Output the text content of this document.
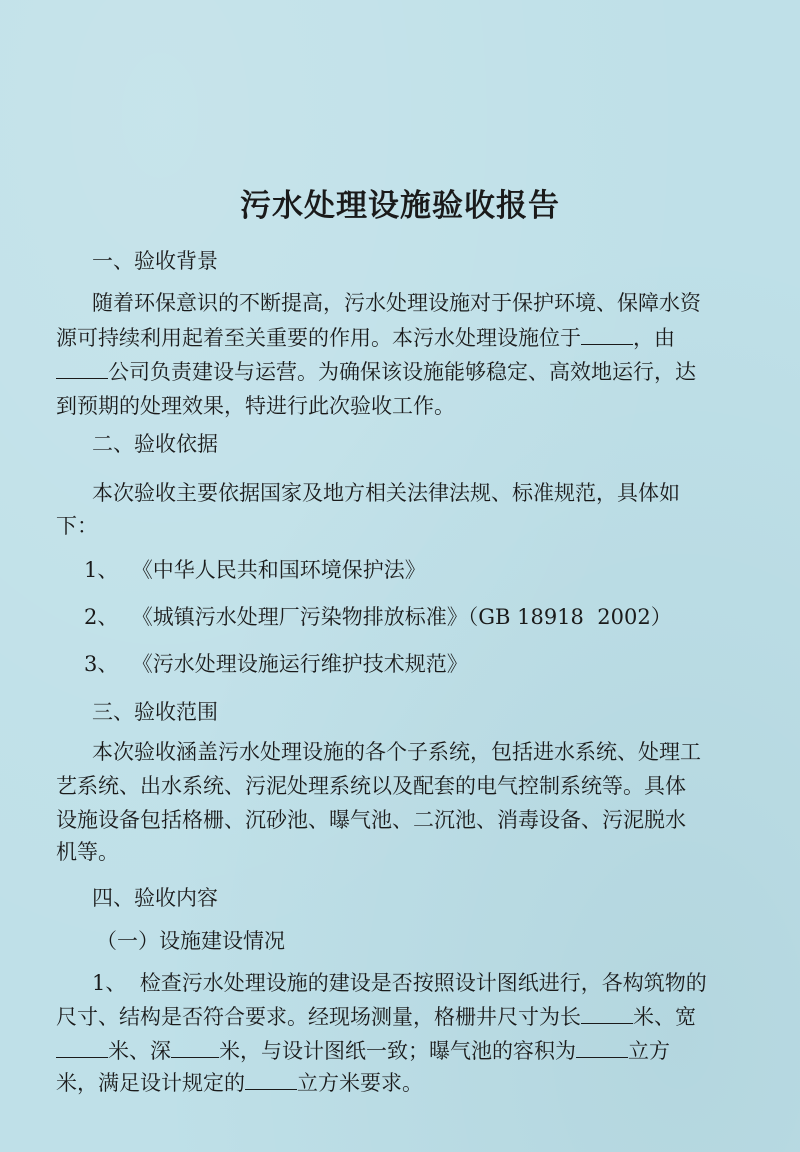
污水处理设施验收报告

一、验收背景

随着环保意识的不断提高，污水处理设施对于保护环境、保障水资

源可持续利用起着至关重要的作用。本污水处理设施位于 ，由

公司负责建设与运营。为确保该设施能够稳定、高效地运行，达

到预期的处理效果，特进行此次验收工作。

二、验收依据

本次验收主要依据国家及地方相关法律法规、标准规范，具体如

下：

1、  《中华人民共和国环境保护法》

2、  《城镇污水处理厂污染物排放标准》（GB 18918  2002）

3、  《污水处理设施运行维护技术规范》

三、验收范围

本次验收涵盖污水处理设施的各个子系统，包括进水系统、处理工

艺系统、出水系统、污泥处理系统以及配套的电气控制系统等。具体

设施设备包括格栅、沉砂池、曝气池、二沉池、消毒设备、污泥脱水

机等。

四、验收内容

（一）设施建设情况

1、  检查污水处理设施的建设是否按照设计图纸进行，各构筑物的

尺寸、结构是否符合要求。经现场测量，格栅井尺寸为长 米、宽

米、深 米，与设计图纸一致；曝气池的容积为 立方

米，满足设计规定的 立方米要求。
